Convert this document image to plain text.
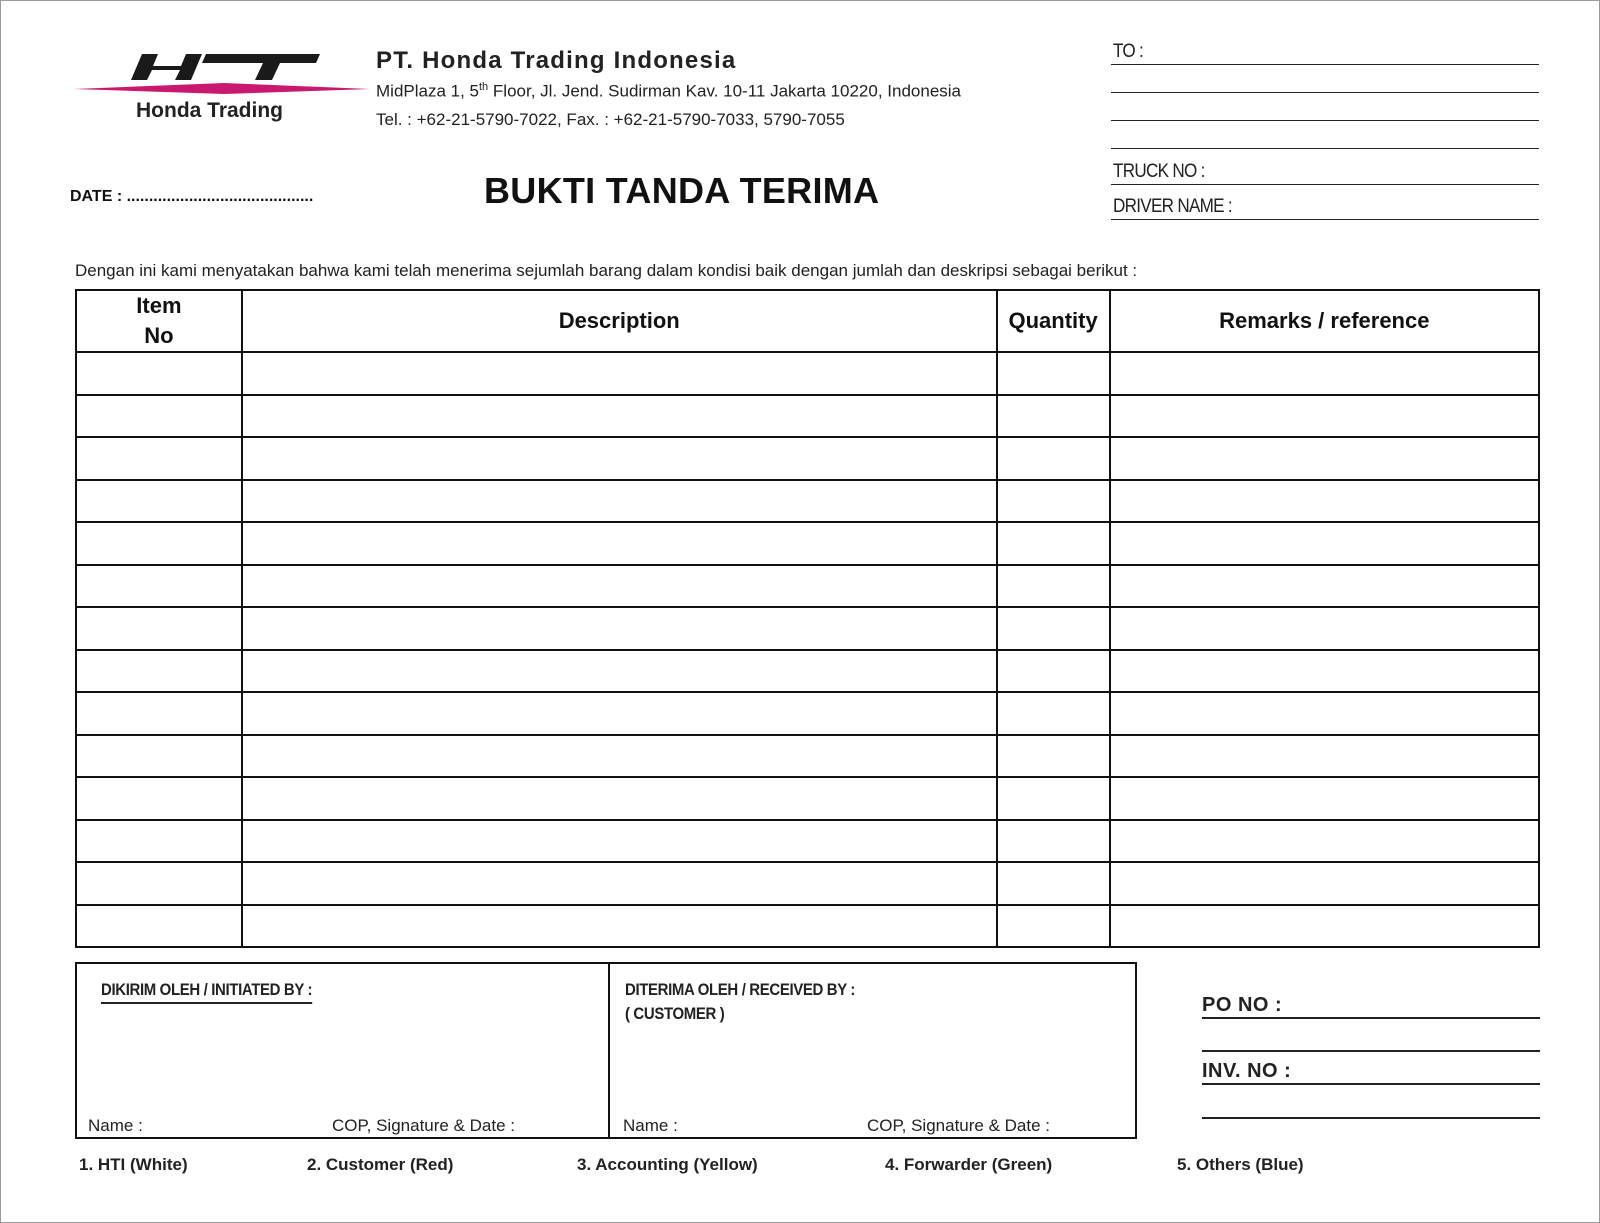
Honda Trading
PT. Honda Trading Indonesia
MidPlaza 1, 5th Floor, Jl. Jend. Sudirman Kav. 10-11 Jakarta 10220, Indonesia
Tel. : +62-21-5790-7022, Fax. : +62-21-5790-7033, 5790-7055
DATE : ..........................................	BUKTI TANDA TERIMA
TO :
TRUCK NO :
DRIVER NAME :
Dengan ini kami menyatakan bahwa kami telah menerima sejumlah barang dalam kondisi baik dengan jumlah dan deskripsi sebagai berikut :
Item
No	Description	Quantity	Remarks / reference

DIKIRIM OLEH / INITIATED BY :
Name :	COP, Signature & Date :
DITERIMA OLEH / RECEIVED BY :
( CUSTOMER )
Name :	COP, Signature & Date :
PO NO :
INV. NO :
1. HTI (White)	2. Customer (Red)	3. Accounting (Yellow)	4. Forwarder (Green)	5. Others (Blue)
